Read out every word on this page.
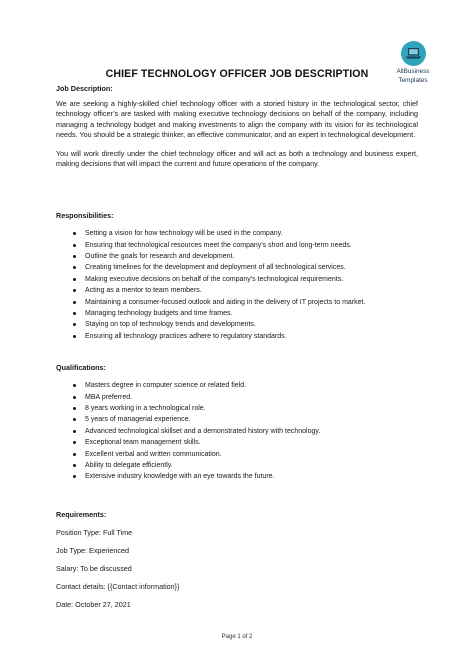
AllBusiness
Templates
CHIEF TECHNOLOGY OFFICER JOB DESCRIPTION
Job Description:
We are seeking a highly-skilled chief technology officer with a storied history in the technological sector, chief technology officer’s are tasked with making executive technology decisions on behalf of the company, including managing a technology budget and making investments to align the company with its vision for its technological needs. You should be a strategic thinker, an effective communicator, and an expert in technological development.
You will work directly under the chief technology officer and will act as both a technology and business expert, making decisions that will impact the current and future operations of the company.
Responsibilities:
Setting a vision for how technology will be used in the company.
Ensuring that technological resources meet the company's short and long-term needs.
Outline the goals for research and development.
Creating timelines for the development and deployment of all technological services.
Making executive decisions on behalf of the company's technological requirements.
Acting as a mentor to team members.
Maintaining a consumer-focused outlook and aiding in the delivery of IT projects to market.
Managing technology budgets and time frames.
Staying on top of technology trends and developments.
Ensuring all technology practices adhere to regulatory standards.
Qualifications:
Masters degree in computer science or related field.
MBA preferred.
8 years working in a technological role.
5 years of managerial experience.
Advanced technological skillset and a demonstrated history with technology.
Exceptional team management skills.
Excellent verbal and written communication.
Ability to delegate efficiently.
Extensive industry knowledge with an eye towards the future.
Requirements:
Position Type: Full Time
Job Type: Experienced
Salary: To be discussed
Contact details: {{Contact information}}
Date: October 27, 2021
Page 1 of 2
